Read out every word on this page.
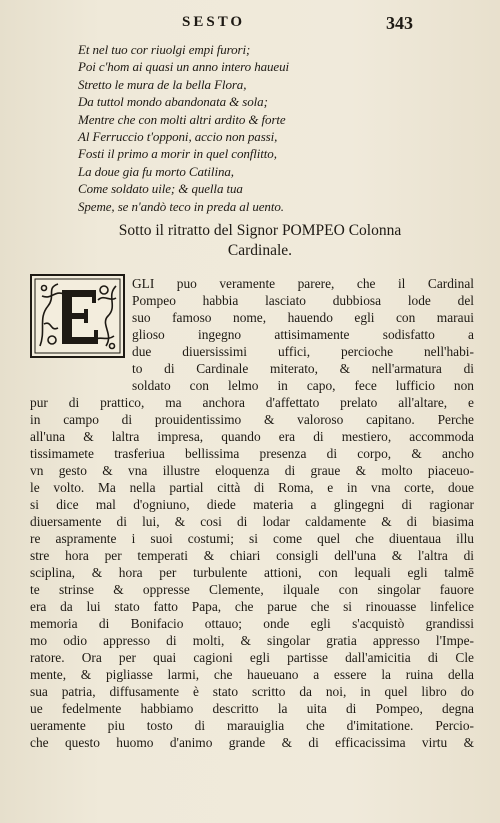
SESTO	343
Et nel tuo cor riuolgi empi furori;
Poi c'hom ai quasi un anno intero haueui
Stretto le mura de la bella Flora,
Da tuttol mondo abandonata & sola;
Mentre che con molti altri ardito & forte
Al Ferruccio t'opponi, accio non passi,
Fosti il primo a morir in quel conflitto,
La doue gia fu morto Catilina,
Come soldato uile; & quella tua
Speme, se n'andò teco in preda al uento.
Sotto il ritratto del Signor POMPEO Colonna
Cardinale.
GLI puo veramente parere, che il Cardinal
Pompeo habbia lasciato dubbiosa lode del
suo famoso nome, hauendo egli con maraui
glioso ingegno attisimamente sodisfatto a
due diuersissimi uffici, percioche nell'habi-
to di Cardinale miterato, & nell'armatura di
soldato con lelmo in capo, fece lufficio non
pur di prattico, ma anchora d'affettato prelato all'altare, e
in campo di prouidentissimo & valoroso capitano. Perche
all'una & laltra impresa, quando era di mestiero, accommoda
tissimamete trasferiua bellissima presenza di corpo, & ancho
vn gesto & vna illustre eloquenza di graue & molto piaceuo-
le volto. Ma nella partial città di Roma, e in vna corte, doue
si dice mal d'ogniuno, diede materia a glingegni di ragionar
diuersamente di lui, & cosi di lodar caldamente & di biasima
re aspramente i suoi costumi; si come quel che diuentaua illu
stre hora per temperati & chiari consigli dell'una & l'altra di
sciplina, & hora per turbulente attioni, con lequali egli talmē
te strinse & oppresse Clemente, ilquale con singolar fauore
era da lui stato fatto Papa, che parue che si rinouasse linfelice
memoria di Bonifacio ottauo; onde egli s'acquistò grandissi
mo odio appresso di molti, & singolar gratia appresso l'Impe-
ratore. Ora per quai cagioni egli partisse dall'amicitia di Cle
mente, & pigliasse larmi, che haueuano a essere la ruina della
sua patria, diffusamente è stato scritto da noi, in quel libro do
ue fedelmente habbiamo descritto la uita di Pompeo, degna
ueramente piu tosto di marauiglia che d'imitatione. Percio-
che questo huomo d'animo grande & di efficacissima virtu &
